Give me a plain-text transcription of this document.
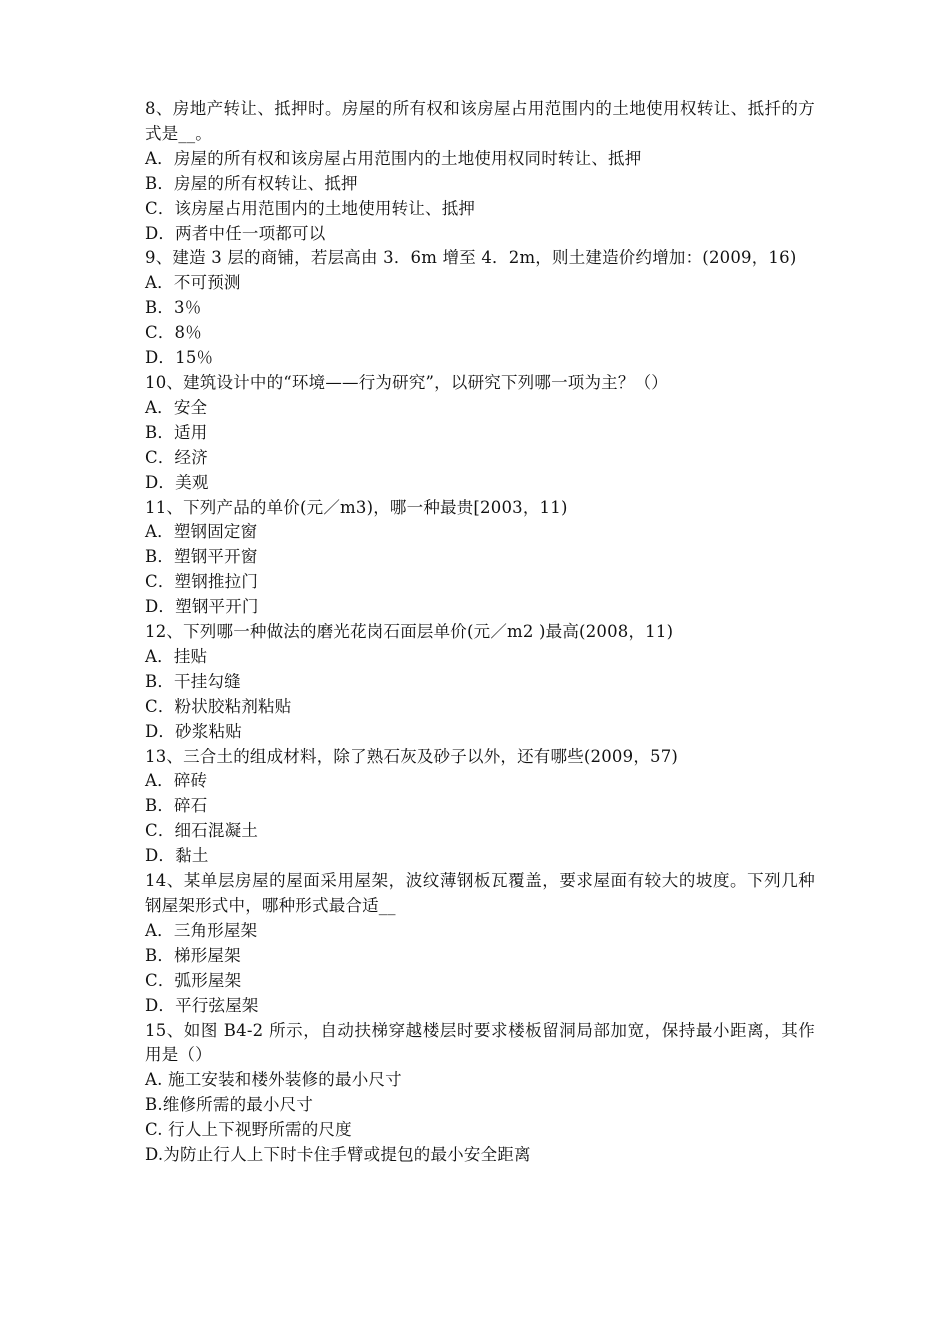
8、房地产转让、抵押时。房屋的所有权和该房屋占用范围内的土地使用权转让、抵扦的方式是__。

A．房屋的所有权和该房屋占用范围内的土地使用权同时转让、抵押

B．房屋的所有权转让、抵押

C．该房屋占用范围内的土地使用转让、抵押

D．两者中任一项都可以

9、建造 3 层的商铺，若层高由 3．6m 增至 4．2m，则土建造价约增加：(2009，16)

A．不可预测

B．3％

C．8％

D．15％

10、建筑设计中的“环境——行为研究”，以研究下列哪一项为主？（）

A．安全

B．适用

C．经济

D．美观

11、下列产品的单价(元／m3)，哪一种最贵[2003，11)

A．塑钢固定窗

B．塑钢平开窗

C．塑钢推拉门

D．塑钢平开门

12、下列哪一种做法的磨光花岗石面层单价(元／m2 )最高(2008，11)

A．挂贴

B．干挂勾缝

C．粉状胶粘剂粘贴

D．砂浆粘贴

13、三合土的组成材料，除了熟石灰及砂子以外，还有哪些(2009，57)

A．碎砖

B．碎石

C．细石混凝土

D．黏土

14、某单层房屋的屋面采用屋架，波纹薄钢板瓦覆盖，要求屋面有较大的坡度。下列几种钢屋架形式中，哪种形式最合适__

A．三角形屋架

B．梯形屋架

C．弧形屋架

D．平行弦屋架

15、如图 B4-2 所示，自动扶梯穿越楼层时要求楼板留洞局部加宽，保持最小距离，其作用是（）

A. 施工安装和楼外装修的最小尺寸

B.维修所需的最小尺寸

C. 行人上下视野所需的尺度

D.为防止行人上下时卡住手臂或提包的最小安全距离
